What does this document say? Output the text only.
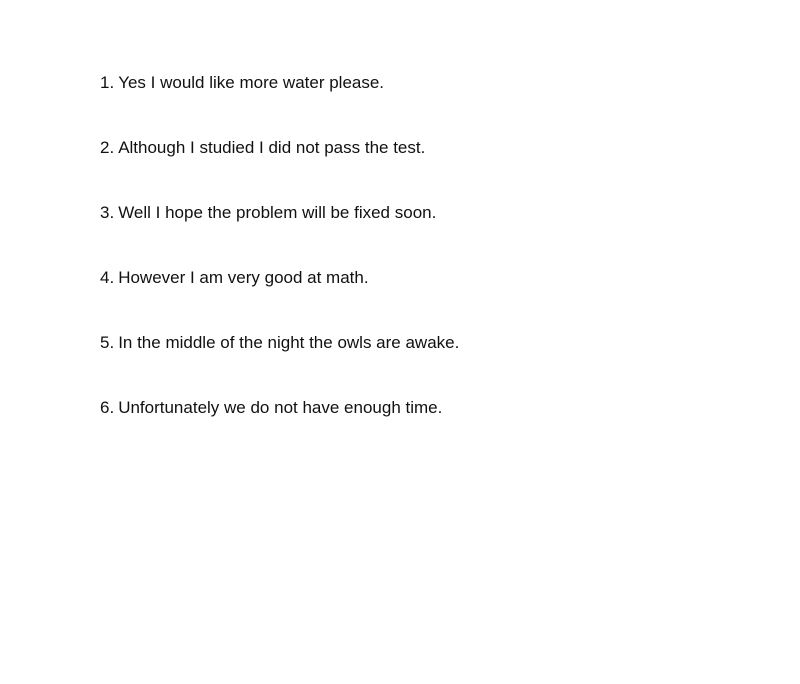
1. Yes I would like more water please.
2. Although I studied I did not pass the test.
3. Well I hope the problem will be fixed soon.
4. However I am very good at math.
5. In the middle of the night the owls are awake.
6. Unfortunately we do not have enough time.
